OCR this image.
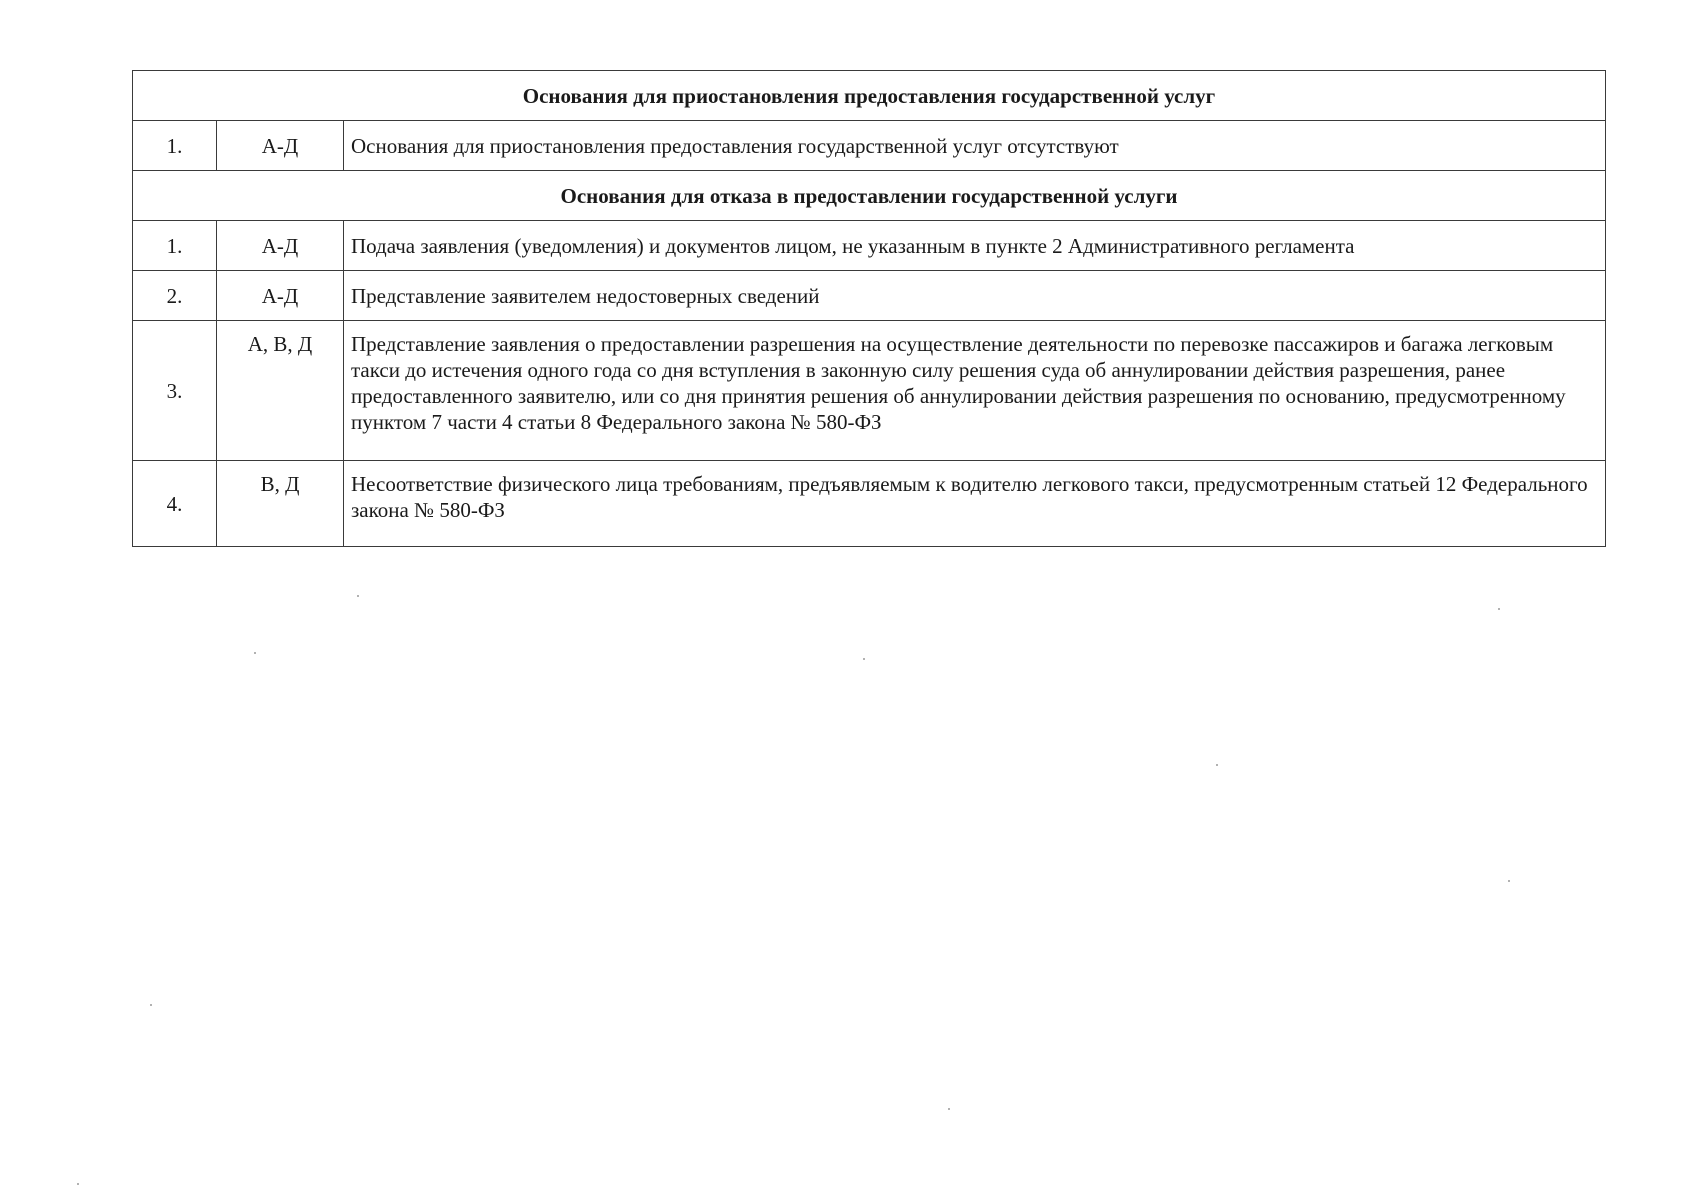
Основания для приостановления предоставления государственной услуг		
1.	А-Д	Основания для приостановления предоставления государственной услуг отсутствуют
Основания для отказа в предоставлении государственной услуги		
1.	А-Д	Подача заявления (уведомления) и документов лицом, не указанным в пункте 2 Административного регламента
2.	А-Д	Представление заявителем недостоверных сведений
3.	А, В, Д	Представление заявления о предоставлении разрешения на осуществление деятельности по перевозке пассажиров и багажа легковым такси до истечения одного года со дня вступления в законную силу решения суда об аннулировании действия разрешения, ранее предоставленного заявителю, или со дня принятия решения об аннулировании действия разрешения по основанию, предусмотренному пунктом 7 части 4 статьи 8 Федерального закона № 580-ФЗ
4.	В, Д	Несоответствие физического лица требованиям, предъявляемым к водителю легкового такси, предусмотренным статьей 12 Федерального закона № 580-ФЗ
